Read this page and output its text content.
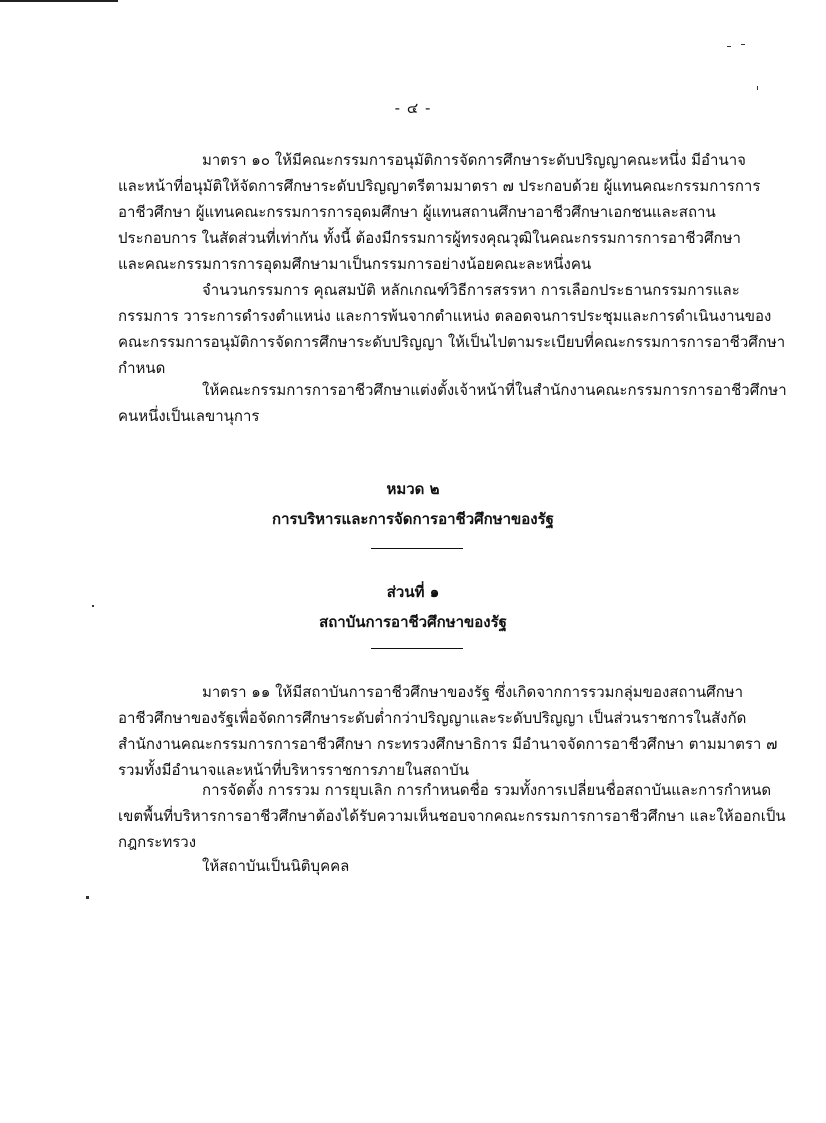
- ๔ -
มาตรา ๑๐ ให้มีคณะกรรมการอนุมัติการจัดการศึกษาระดับปริญญาคณะหนึ่ง มีอำนาจ
และหน้าที่อนุมัติให้จัดการศึกษาระดับปริญญาตรีตามมาตรา ๗ ประกอบด้วย ผู้แทนคณะกรรมการการ
อาชีวศึกษา ผู้แทนคณะกรรมการการอุดมศึกษา ผู้แทนสถานศึกษาอาชีวศึกษาเอกชนและสถาน
ประกอบการ ในสัดส่วนที่เท่ากัน ทั้งนี้ ต้องมีกรรมการผู้ทรงคุณวุฒิในคณะกรรมการการอาชีวศึกษา
และคณะกรรมการการอุดมศึกษามาเป็นกรรมการอย่างน้อยคณะละหนึ่งคน
จำนวนกรรมการ คุณสมบัติ หลักเกณฑ์วิธีการสรรหา การเลือกประธานกรรมการและ
กรรมการ วาระการดำรงตำแหน่ง และการพ้นจากตำแหน่ง ตลอดจนการประชุมและการดำเนินงานของ
คณะกรรมการอนุมัติการจัดการศึกษาระดับปริญญา ให้เป็นไปตามระเบียบที่คณะกรรมการการอาชีวศึกษา
กำหนด
ให้คณะกรรมการการอาชีวศึกษาแต่งตั้งเจ้าหน้าที่ในสำนักงานคณะกรรมการการอาชีวศึกษา
คนหนึ่งเป็นเลขานุการ
หมวด ๒
การบริหารและการจัดการอาชีวศึกษาของรัฐ
ส่วนที่ ๑
สถาบันการอาชีวศึกษาของรัฐ
มาตรา ๑๑ ให้มีสถาบันการอาชีวศึกษาของรัฐ ซึ่งเกิดจากการรวมกลุ่มของสถานศึกษา
อาชีวศึกษาของรัฐเพื่อจัดการศึกษาระดับต่ำกว่าปริญญาและระดับปริญญา เป็นส่วนราชการในสังกัด
สำนักงานคณะกรรมการการอาชีวศึกษา กระทรวงศึกษาธิการ มีอำนาจจัดการอาชีวศึกษา ตามมาตรา ๗
รวมทั้งมีอำนาจและหน้าที่บริหารราชการภายในสถาบัน
การจัดตั้ง การรวม การยุบเลิก การกำหนดชื่อ รวมทั้งการเปลี่ยนชื่อสถาบันและการกำหนด
เขตพื้นที่บริหารการอาชีวศึกษาต้องได้รับความเห็นชอบจากคณะกรรมการการอาชีวศึกษา และให้ออกเป็น
กฎกระทรวง
ให้สถาบันเป็นนิติบุคคล
